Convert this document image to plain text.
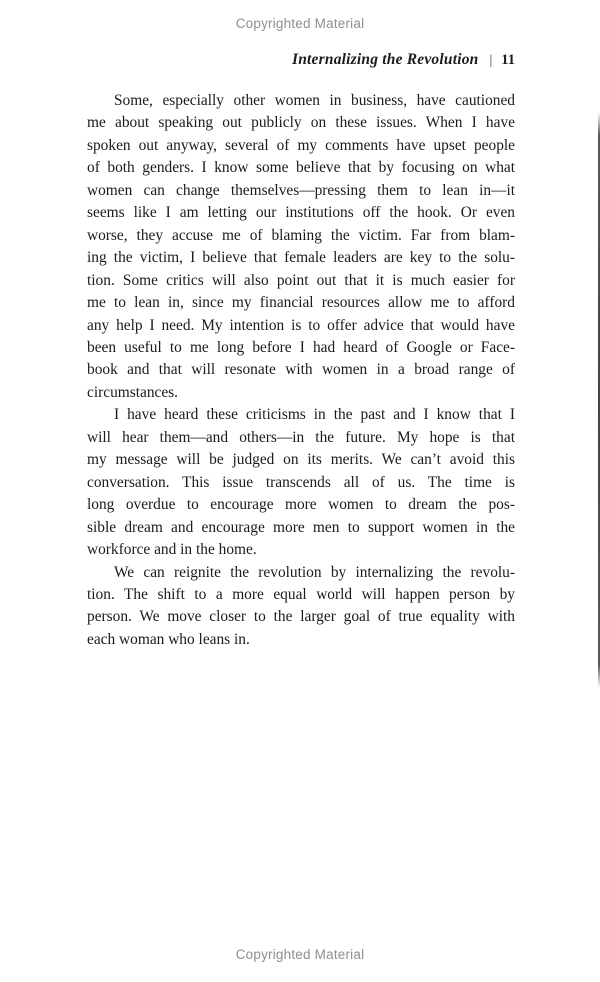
Copyrighted Material
Internalizing the Revolution | 11
Some, especially other women in business, have cautioned
me about speaking out publicly on these issues. When I have
spoken out anyway, several of my comments have upset people
of both genders. I know some believe that by focusing on what
women can change themselves—pressing them to lean in—it
seems like I am letting our institutions off the hook. Or even
worse, they accuse me of blaming the victim. Far from blam-
ing the victim, I believe that female leaders are key to the solu-
tion. Some critics will also point out that it is much easier for
me to lean in, since my financial resources allow me to afford
any help I need. My intention is to offer advice that would have
been useful to me long before I had heard of Google or Face-
book and that will resonate with women in a broad range of
circumstances.
I have heard these criticisms in the past and I know that I
will hear them—and others—in the future. My hope is that
my message will be judged on its merits. We can’t avoid this
conversation. This issue transcends all of us. The time is
long overdue to encourage more women to dream the pos-
sible dream and encourage more men to support women in the
workforce and in the home.
We can reignite the revolution by internalizing the revolu-
tion. The shift to a more equal world will happen person by
person. We move closer to the larger goal of true equality with
each woman who leans in.
Copyrighted Material
